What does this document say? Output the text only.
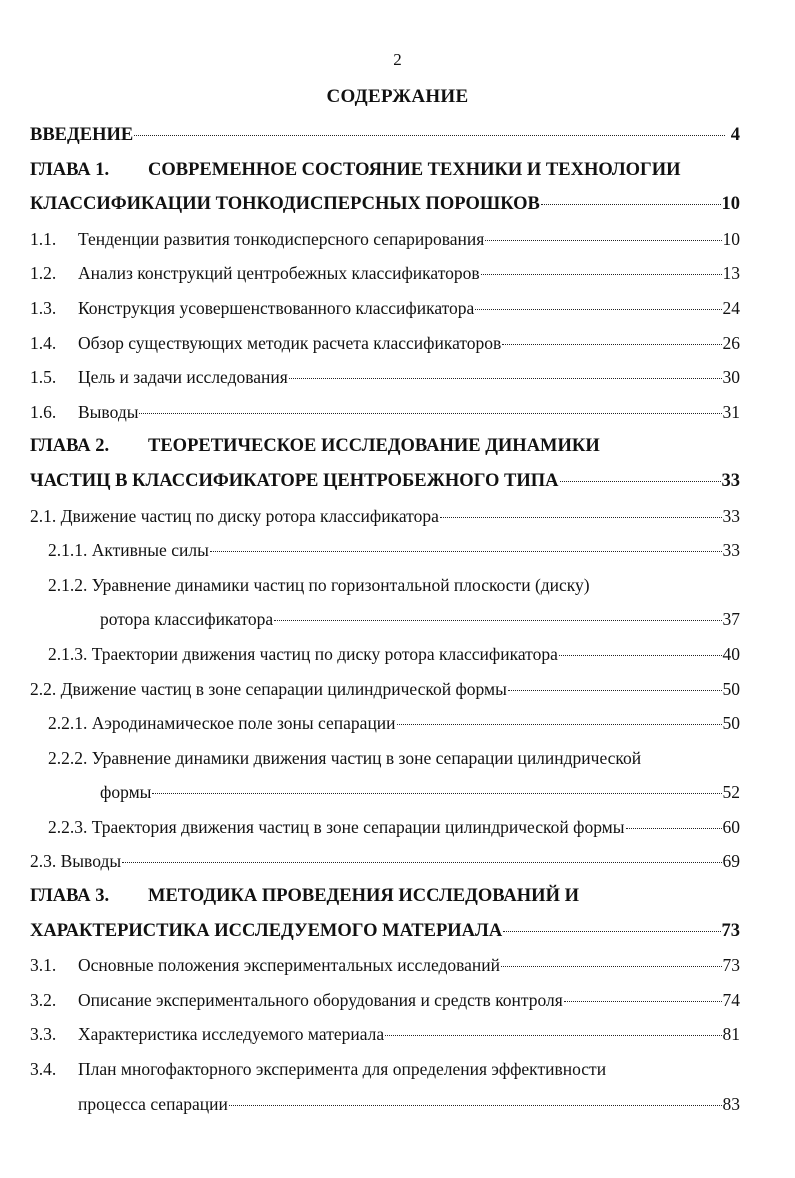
2
СОДЕРЖАНИЕ
ВВЕДЕНИЕ	4
ГЛАВА 1.	СОВРЕМЕННОЕ СОСТОЯНИЕ ТЕХНИКИ И ТЕХНОЛОГИИ
КЛАССИФИКАЦИИ ТОНКОДИСПЕРСНЫХ ПОРОШКОВ	10
1.1.	Тенденции развития тонкодисперсного сепарирования	10
1.2.	Анализ конструкций центробежных классификаторов	13
1.3.	Конструкция усовершенствованного классификатора	24
1.4.	Обзор существующих методик расчета классификаторов	26
1.5.	Цель и задачи исследования	30
1.6.	Выводы	31
ГЛАВА 2.	ТЕОРЕТИЧЕСКОЕ ИССЛЕДОВАНИЕ ДИНАМИКИ
ЧАСТИЦ В КЛАССИФИКАТОРЕ ЦЕНТРОБЕЖНОГО ТИПА	33
2.1. Движение частиц по диску ротора классификатора	33
2.1.1. Активные силы	33
2.1.2. Уравнение динамики частиц по горизонтальной плоскости (диску)
ротора классификатора	37
2.1.3. Траектории движения частиц по диску ротора классификатора	40
2.2. Движение частиц в зоне сепарации цилиндрической формы	50
2.2.1. Аэродинамическое поле зоны сепарации	50
2.2.2. Уравнение динамики движения частиц в зоне сепарации цилиндрической
формы	52
2.2.3. Траектория движения частиц в зоне сепарации цилиндрической формы	60
2.3. Выводы	69
ГЛАВА 3.	МЕТОДИКА ПРОВЕДЕНИЯ ИССЛЕДОВАНИЙ И
ХАРАКТЕРИСТИКА ИССЛЕДУЕМОГО МАТЕРИАЛА	73
3.1.	Основные положения экспериментальных исследований	73
3.2.	Описание экспериментального оборудования и средств контроля	74
3.3.	Характеристика исследуемого материала	81
3.4.	План многофакторного эксперимента для определения эффективности
процесса сепарации	83
